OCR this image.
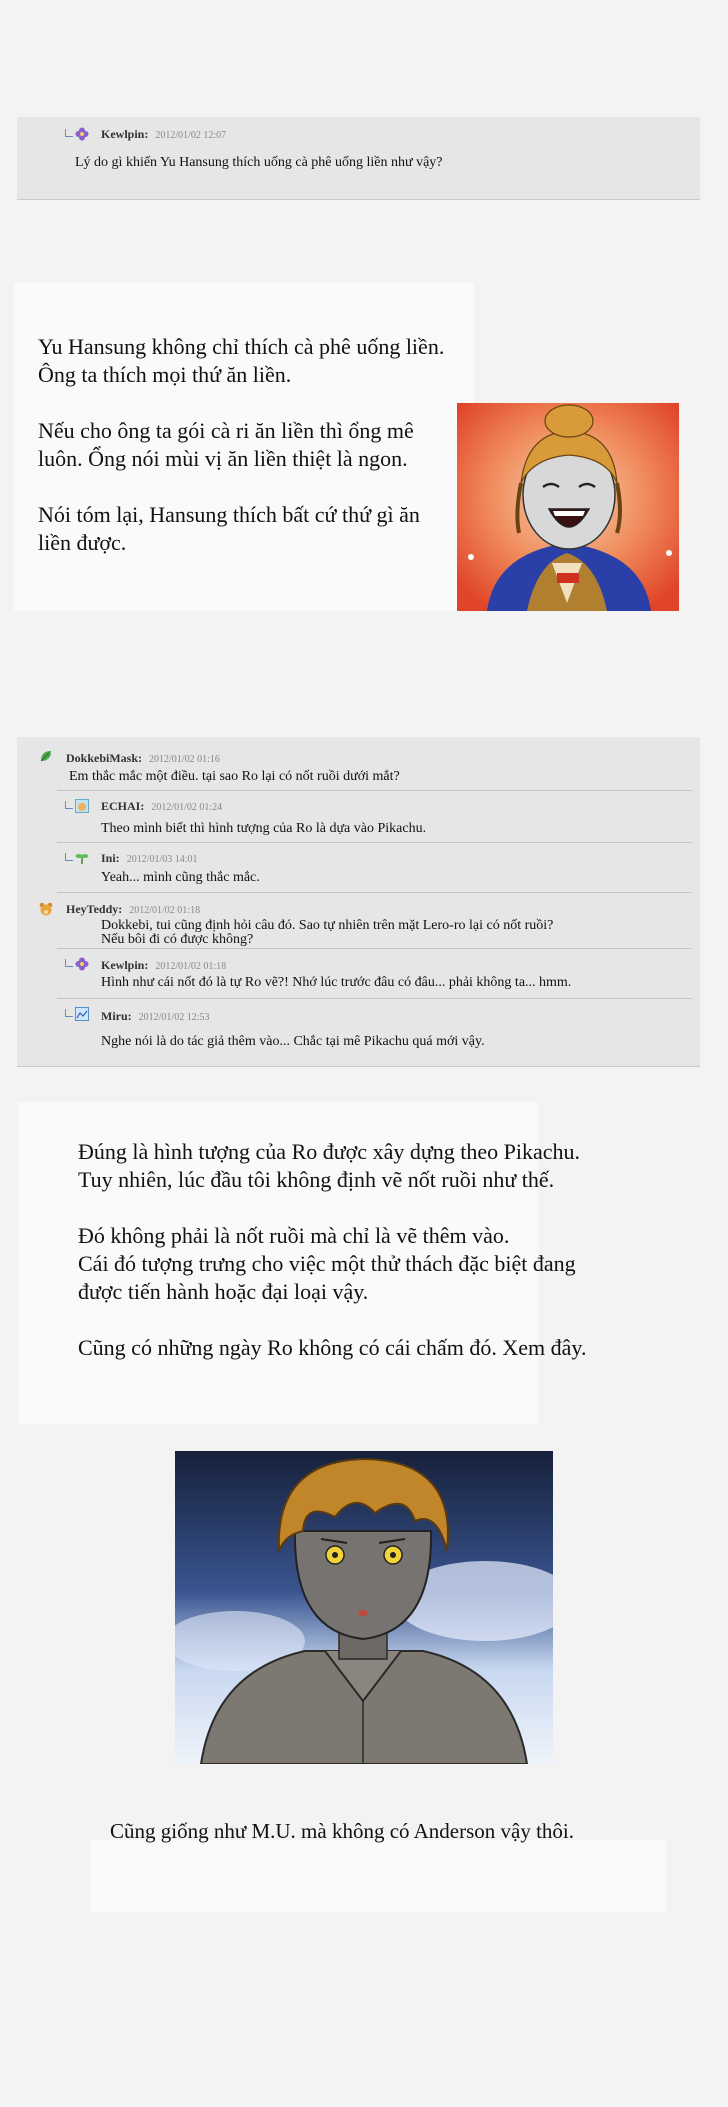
Kewlpin: 2012/01/02 12:07
Lý do gì khiến Yu Hansung thích uống cà phê uống liền như vậy?
Yu Hansung không chỉ thích cà phê uống liền.
Ông ta thích mọi thứ ăn liền.
Nếu cho ông ta gói cà ri ăn liền thì ổng mê
luôn. Ổng nói mùi vị ăn liền thiệt là ngon.
Nói tóm lại, Hansung thích bất cứ thứ gì ăn
liền được.
DokkebiMask: 2012/01/02 01:16
Em thắc mắc một điều. tại sao Ro lại có nốt ruồi dưới mắt?
ECHAI: 2012/01/02 01:24
Theo mình biết thì hình tượng của Ro là dựa vào Pikachu.
Ini: 2012/01/03 14:01
Yeah... mình cũng thắc mắc.
HeyTeddy: 2012/01/02 01:18
Dokkebi, tui cũng định hỏi câu đó. Sao tự nhiên trên mặt Lero-ro lại có nốt ruồi?
Nếu bôi đi có được không?
Kewlpin: 2012/01/02 01:18
Hình như cái nốt đó là tự Ro vẽ?! Nhớ lúc trước đâu có đâu... phải không ta... hmm.
Miru: 2012/01/02 12:53
Nghe nói là do tác giả thêm vào... Chắc tại mê Pikachu quá mới vậy.
Đúng là hình tượng của Ro được xây dựng theo Pikachu.
Tuy nhiên, lúc đầu tôi không định vẽ nốt ruồi như thế.
Đó không phải là nốt ruồi mà chỉ là vẽ thêm vào.
Cái đó tượng trưng cho việc một thử thách đặc biệt đang
được tiến hành hoặc đại loại vậy.
Cũng có những ngày Ro không có cái chấm đó. Xem đây.
Cũng giống như M.U. mà không có Anderson vậy thôi.
